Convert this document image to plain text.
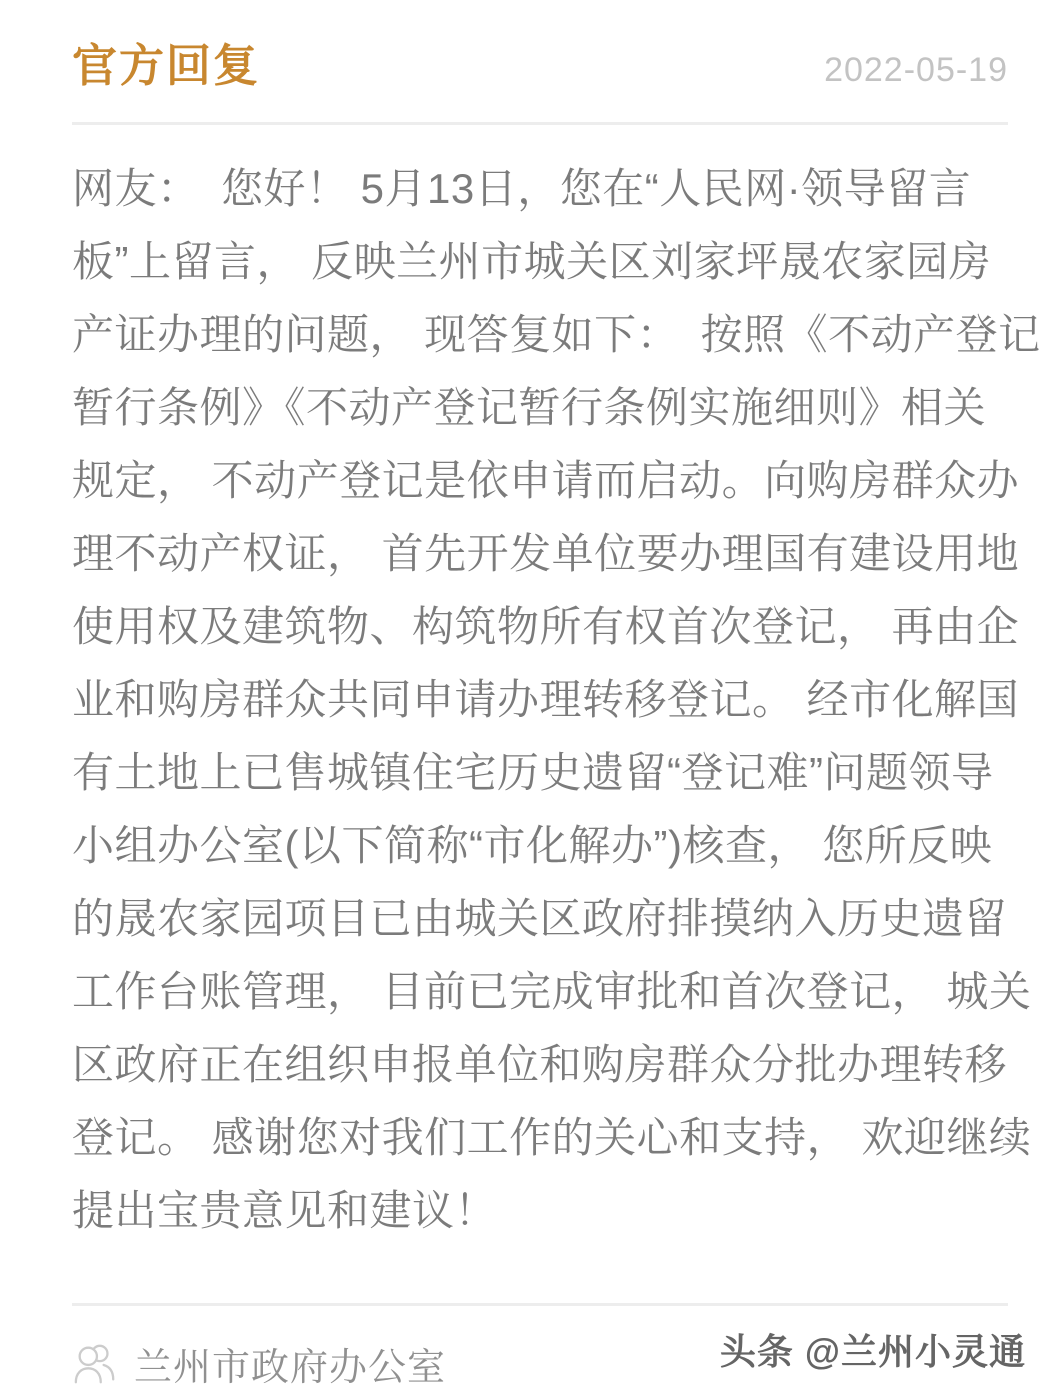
官方回复	2022-05-19
网友：　您好！ 5月13日，您在“人民网·领导留言
板”上留言， 反映兰州市城关区刘家坪晟农家园房
产证办理的问题， 现答复如下：　按照《不动产登记
暂行条例》《不动产登记暂行条例实施细则》相关
规定， 不动产登记是依申请而启动。向购房群众办
理不动产权证， 首先开发单位要办理国有建设用地
使用权及建筑物、构筑物所有权首次登记， 再由企
业和购房群众共同申请办理转移登记。 经市化解国
有土地上已售城镇住宅历史遗留“登记难”问题领导
小组办公室(以下简称“市化解办”)核查， 您所反映
的晟农家园项目已由城关区政府排摸纳入历史遗留
工作台账管理， 目前已完成审批和首次登记， 城关
区政府正在组织申报单位和购房群众分批办理转移
登记。 感谢您对我们工作的关心和支持， 欢迎继续
提出宝贵意见和建议！
兰州市政府办公室	头条 @兰州小灵通
